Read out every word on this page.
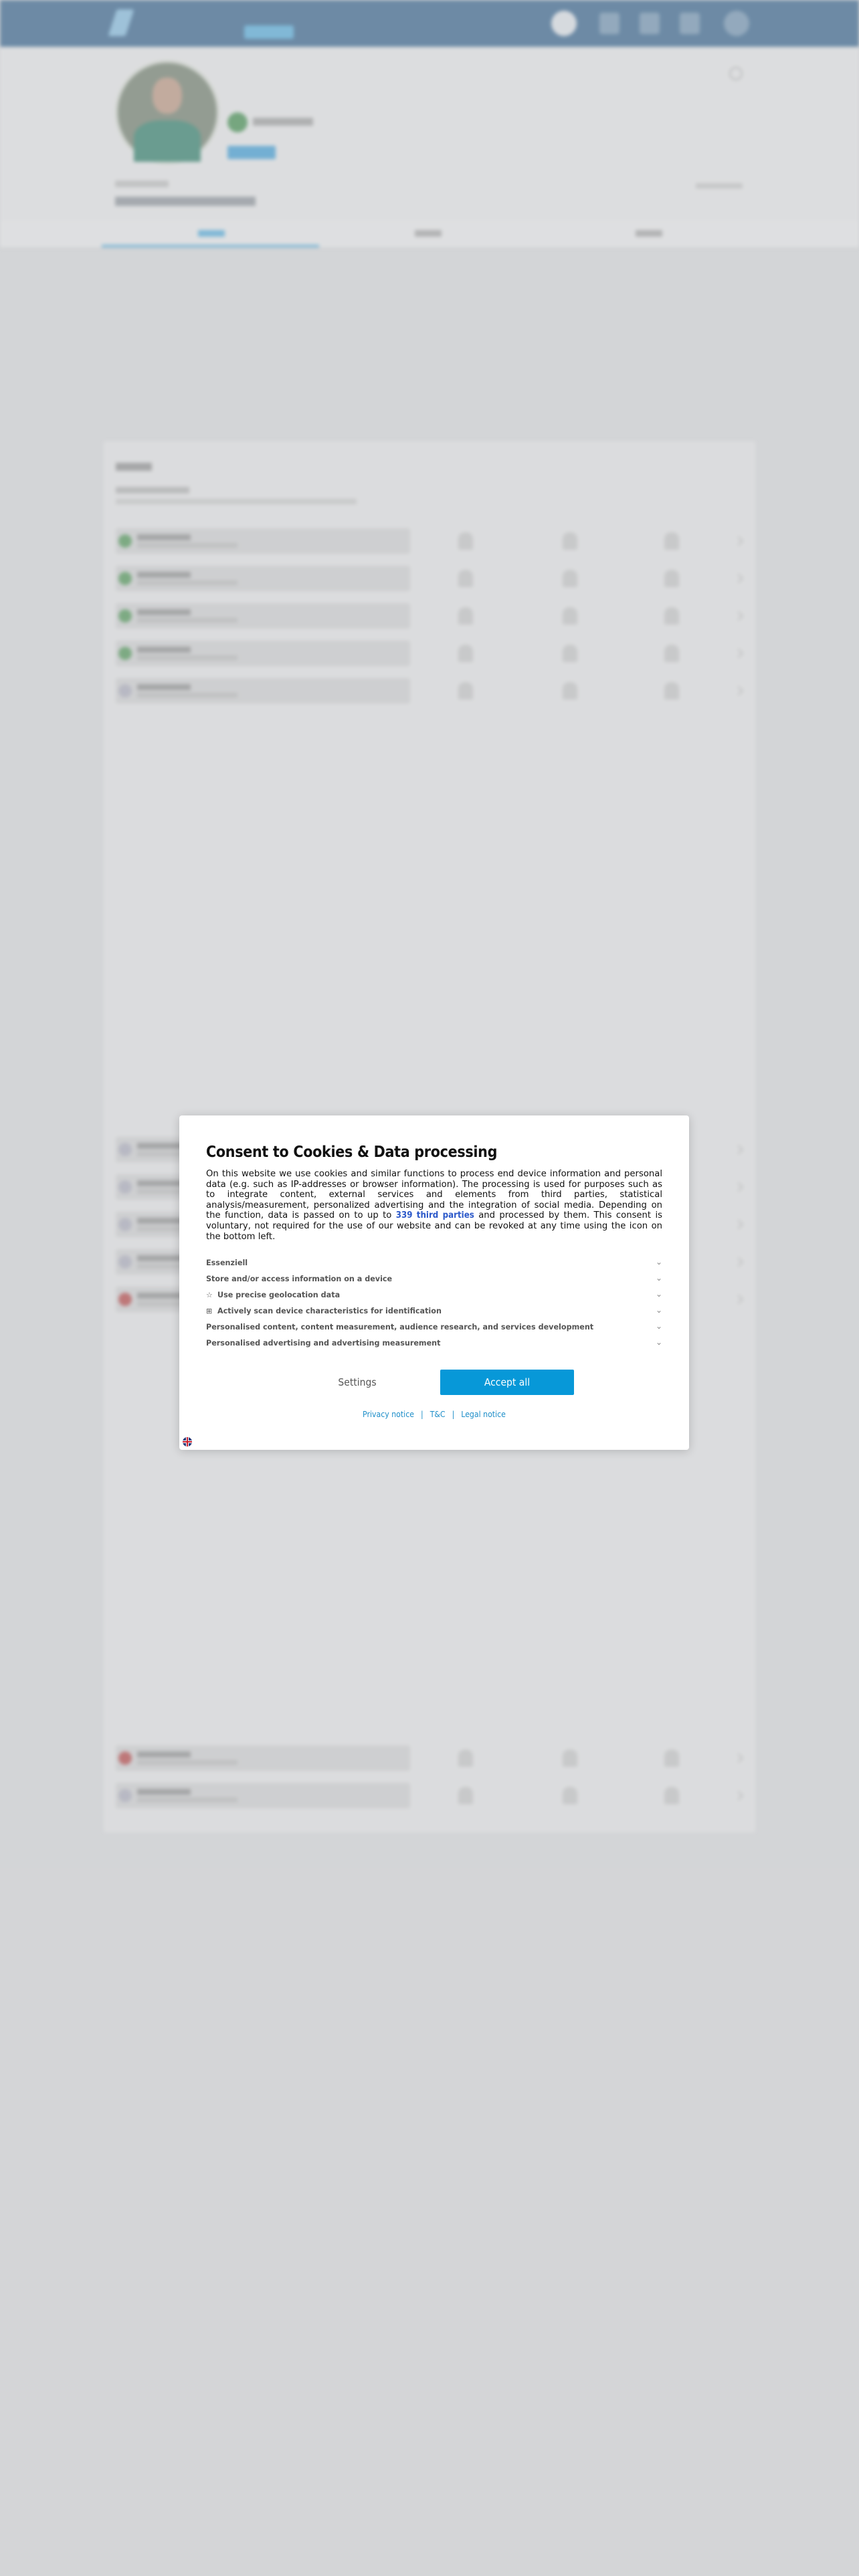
Consent to Cookies & Data processing
On this website we use cookies and similar functions to process end device information and personal data (e.g. such as IP-addresses or browser information). The processing is used for purposes such as to integrate content, external services and elements from third parties, statistical analysis/measurement, personalized advertising and the integration of social media. Depending on the function, data is passed on to up to 339 third parties and processed by them. This consent is voluntary, not required for the use of our website and can be revoked at any time using the icon on the bottom left.
Essenziell	⌄
Store and/or access information on a device	⌄
☆ Use precise geolocation data	⌄
⊞ Actively scan device characteristics for identification	⌄
Personalised content, content measurement, audience research, and services development	⌄
Personalised advertising and advertising measurement	⌄
Settings	Accept all
Privacy notice | T&C | Legal notice
